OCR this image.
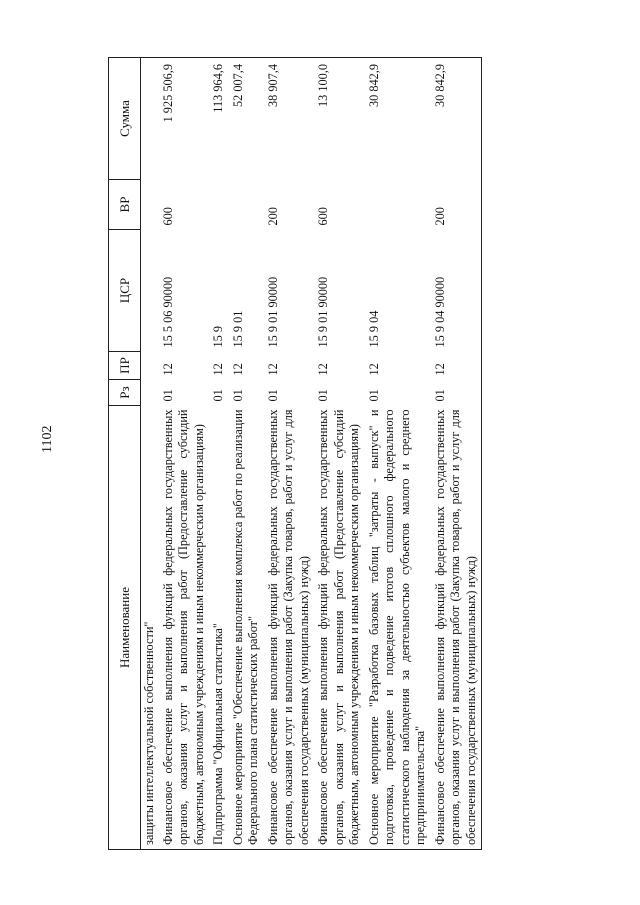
1102
Наименование	Рз	ПР	ЦСР	ВР	Сумма
защиты интеллектуальной собственности"					
Финансовое обеспечение выполнения функций федеральных государственных органов, оказания услуг и выполнения работ (Предоставление субсидий бюджетным, автономным учреждениям и иным некоммерческим организациям)	01	12	15 5 06 90000	600	1 925 506,9
Подпрограмма "Официальная статистика"	01	12	15 9		113 964,6
Основное мероприятие "Обеспечение выполнения комплекса работ по реализации Федерального плана статистических работ"	01	12	15 9 01		52 007,4
Финансовое обеспечение выполнения функций федеральных государственных органов, оказания услуг и выполнения работ (Закупка товаров, работ и услуг для обеспечения государственных (муниципальных) нужд)	01	12	15 9 01 90000	200	38 907,4
Финансовое обеспечение выполнения функций федеральных государственных органов, оказания услуг и выполнения работ (Предоставление субсидий бюджетным, автономным учреждениям и иным некоммерческим организациям)	01	12	15 9 01 90000	600	13 100,0
Основное мероприятие "Разработка базовых таблиц "затраты - выпуск" и подготовка, проведение и подведение итогов сплошного федерального статистического наблюдения за деятельностью субъектов малого и среднего предпринимательства"	01	12	15 9 04		30 842,9
Финансовое обеспечение выполнения функций федеральных государственных органов, оказания услуг и выполнения работ (Закупка товаров, работ и услуг для обеспечения государственных (муниципальных) нужд)	01	12	15 9 04 90000	200	30 842,9
